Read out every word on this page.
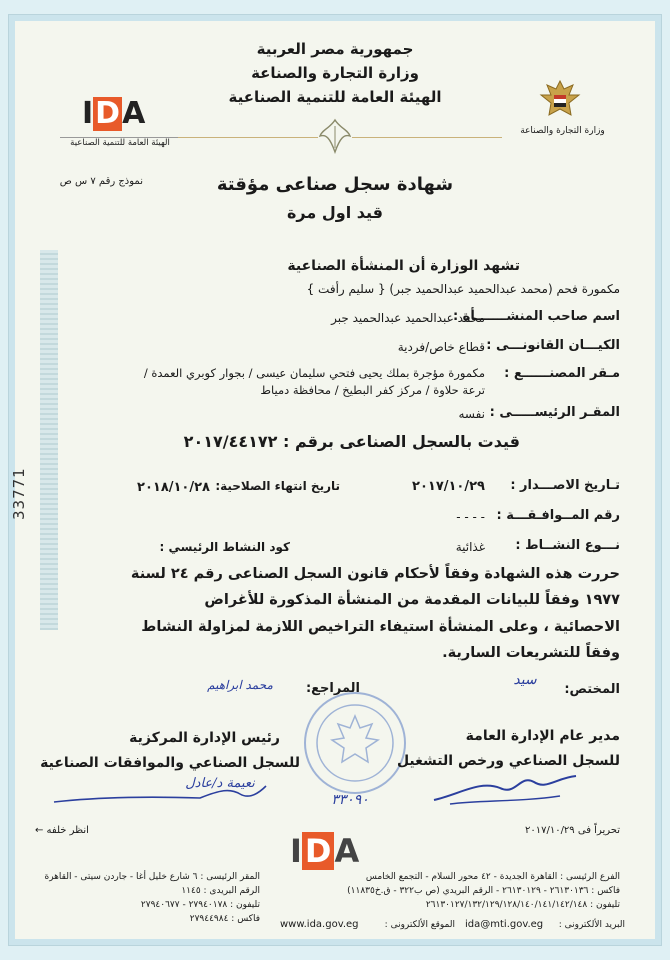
33771
جمهورية مصر العربية
وزارة التجارة والصناعة
الهيئة العامة للتنمية الصناعية
وزارة التجارة والصناعة
I D A
الهيئة العامة للتنمية الصناعية
نموذج رقم ٧ س ص	شهادة سجل صناعى مؤقتة
قيد اول مرة
تشهد الوزارة أن المنشأة الصناعية
مكمورة فحم (محمد عبدالحميد عبدالحميد جبر) { سليم رأفت }
اسم صاحب المنشـــــــأة :
محمد عبدالحميد عبدالحميد جبر
الكيـــان القانونـــى :
قطاع خاص/فردية
مـقر المصنــــــع :
مكمورة مؤجرة بملك يحيى فتحي سليمان عيسى / بجوار كوبري العمدة /
ترعة حلاوة / مركز كفر البطيخ / محافظة دمياط
المقـر الرئيســـــى :
نفسه
قيدت بالسجل الصناعى برقم : ٢٠١٧/٤٤١٧٢
تـاريخ الاصـــدار :
٢٠١٧/١٠/٢٩
تاريخ انتهاء الصلاحية:
٢٠١٨/١٠/٢٨
رقم المــوافـقـــة :
- - - -
نـــوع النشــاط :
غذائية
كود النشاط الرئيسي :
حررت هذه الشهادة وفقاً لأحكام قانون السجل الصناعى رقم ٢٤ لسنة
١٩٧٧ وفقاً للبيانات المقدمة من المنشأة المذكورة للأغراض
الاحصائية ، وعلى المنشأة استيفاء التراخيص اللازمة لمزاولة النشاط
وفقاً للتشريعات السارية.
المختص:
سيد
المراجع:
محمد ابراهيم
٣٣٠٩٠
مدير عام الإدارة العامة
للسجل الصناعي ورخص التشغيل
رئيس الإدارة المركزية
للسجل الصناعي والموافقات الصناعية
نعيمة د/عادل
تحريراً فى ٢٠١٧/١٠/٢٩
انظر خلفه ←
I D A
الفرع الرئيسى : القاهرة الجديدة - ٤٢ محور السلام - التجمع الخامس
فاكس : ٢٦١٣٠١٣٦ - ٢٦١٣٠١٢٩ - الرقم البريدي (ص ب٣٢٢ - ق.خ١١٨٣٥)
تليفون : ٢٦١٣٠١٢٧/١٣٢/١٢٩/١٢٨/١٤٠/١٤١/١٤٢/١٤٨
المقر الرئيسى : ٦ شارع خليل أغا - جاردن سيتى - القاهرة
الرقم البريدى : ١١٤٥
تليفون : ٢٧٩٤٠١٧٨ - ٢٧٩٤٠٦٧٧
فاكس : ٢٧٩٤٤٩٨٤
البريد الألكترونى :
ida@mti.gov.eg
الموقع الألكترونى :
www.ida.gov.eg
